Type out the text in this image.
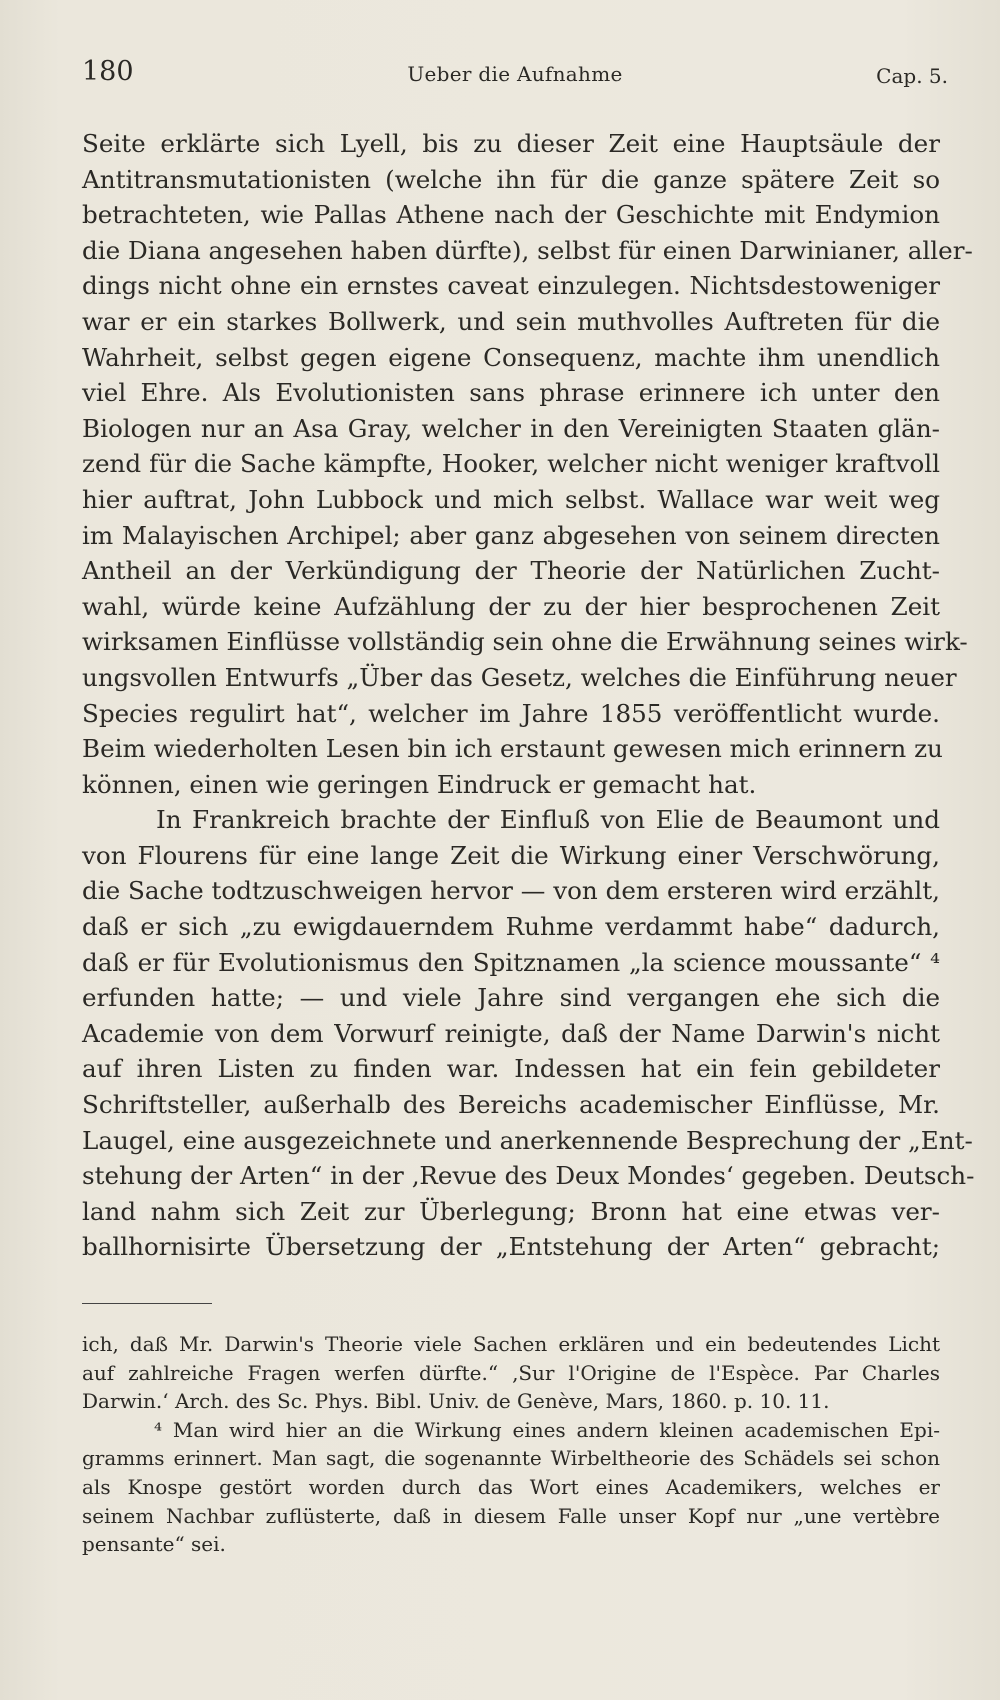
180	Ueber die Aufnahme	Cap. 5.
Seite erklärte sich Lyell, bis zu dieser Zeit eine Hauptsäule der
Antitransmutationisten (welche ihn für die ganze spätere Zeit so
betrachteten, wie Pallas Athene nach der Geschichte mit Endymion
die Diana angesehen haben dürfte), selbst für einen Darwinianer, aller-
dings nicht ohne ein ernstes caveat einzulegen. Nichtsdestoweniger
war er ein starkes Bollwerk, und sein muthvolles Auftreten für die
Wahrheit, selbst gegen eigene Consequenz, machte ihm unendlich
viel Ehre. Als Evolutionisten sans phrase erinnere ich unter den
Biologen nur an Asa Gray, welcher in den Vereinigten Staaten glän-
zend für die Sache kämpfte, Hooker, welcher nicht weniger kraftvoll
hier auftrat, John Lubbock und mich selbst. Wallace war weit weg
im Malayischen Archipel; aber ganz abgesehen von seinem directen
Antheil an der Verkündigung der Theorie der Natürlichen Zucht-
wahl, würde keine Aufzählung der zu der hier besprochenen Zeit
wirksamen Einflüsse vollständig sein ohne die Erwähnung seines wirk-
ungsvollen Entwurfs „Über das Gesetz, welches die Einführung neuer
Species regulirt hat“, welcher im Jahre 1855 veröffentlicht wurde.
Beim wiederholten Lesen bin ich erstaunt gewesen mich erinnern zu
können, einen wie geringen Eindruck er gemacht hat.
In Frankreich brachte der Einfluß von Elie de Beaumont und
von Flourens für eine lange Zeit die Wirkung einer Verschwörung,
die Sache todtzuschweigen hervor — von dem ersteren wird erzählt,
daß er sich „zu ewigdauerndem Ruhme verdammt habe“ dadurch,
daß er für Evolutionismus den Spitznamen „la science moussante“ ⁴
erfunden hatte; — und viele Jahre sind vergangen ehe sich die
Academie von dem Vorwurf reinigte, daß der Name Darwin's nicht
auf ihren Listen zu finden war. Indessen hat ein fein gebildeter
Schriftsteller, außerhalb des Bereichs academischer Einflüsse, Mr.
Laugel, eine ausgezeichnete und anerkennende Besprechung der „Ent-
stehung der Arten“ in der ‚Revue des Deux Mondes‘ gegeben. Deutsch-
land nahm sich Zeit zur Überlegung; Bronn hat eine etwas ver-
ballhornisirte Übersetzung der „Entstehung der Arten“ gebracht;
ich, daß Mr. Darwin's Theorie viele Sachen erklären und ein bedeutendes Licht
auf zahlreiche Fragen werfen dürfte.“ ‚Sur l'Origine de l'Espèce. Par Charles
Darwin.‘ Arch. des Sc. Phys. Bibl. Univ. de Genève, Mars, 1860. p. 10. 11.
⁴ Man wird hier an die Wirkung eines andern kleinen academischen Epi-
gramms erinnert. Man sagt, die sogenannte Wirbeltheorie des Schädels sei schon
als Knospe gestört worden durch das Wort eines Academikers, welches er
seinem Nachbar zuflüsterte, daß in diesem Falle unser Kopf nur „une vertèbre
pensante“ sei.
